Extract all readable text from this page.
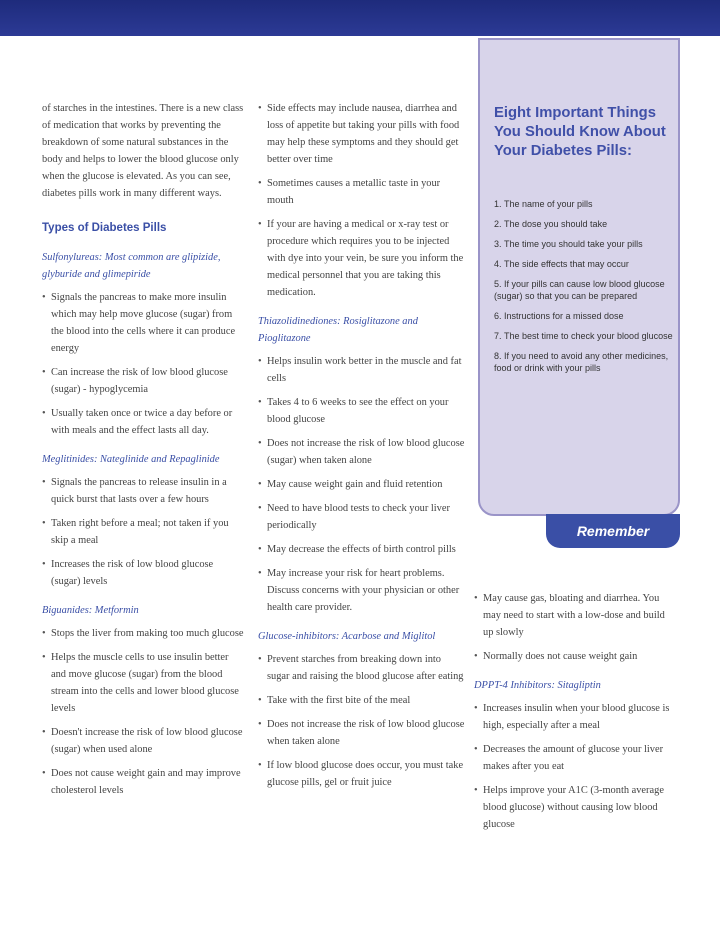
of starches in the intestines. There is a new class of medication that works by preventing the breakdown of some natural substances in the body and helps to lower the blood glucose only when the glucose is elevated. As you can see, diabetes pills work in many different ways.

Types of Diabetes Pills
Sulfonylureas: Most common are glipizide, glyburide and glimepiride
• Signals the pancreas to make more insulin which may help move glucose (sugar) from the blood into the cells where it can produce energy
• Can increase the risk of low blood glucose (sugar) - hypoglycemia
• Usually taken once or twice a day before or with meals and the effect lasts all day.
Meglitinides: Nateglinide and Repaglinide
• Signals the pancreas to release insulin in a quick burst that lasts over a few hours
• Taken right before a meal; not taken if you skip a meal
• Increases the risk of low blood glucose (sugar) levels
Biguanides: Metformin
• Stops the liver from making too much glucose
• Helps the muscle cells to use insulin better and move glucose (sugar) from the blood stream into the cells and lower blood glucose levels
• Doesn't increase the risk of low blood glucose (sugar) when used alone
• Does not cause weight gain and may improve cholesterol levels
• Side effects may include nausea, diarrhea and loss of appetite but taking your pills with food may help these symptoms and they should get better over time
• Sometimes causes a metallic taste in your mouth
• If your are having a medical or x-ray test or procedure which requires you to be injected with dye into your vein, be sure you inform the medical personnel that you are taking this medication.
Thiazolidinediones: Rosiglitazone and Pioglitazone
• Helps insulin work better in the muscle and fat cells
• Takes 4 to 6 weeks to see the effect on your blood glucose
• Does not increase the risk of low blood glucose (sugar) when taken alone
• May cause weight gain and fluid retention
• Need to have blood tests to check your liver periodically
• May decrease the effects of birth control pills
• May increase your risk for heart problems. Discuss concerns with your physician or other health care provider.
Glucose-inhibitors: Acarbose and Miglitol
• Prevent starches from breaking down into sugar and raising the blood glucose after eating
• Take with the first bite of the meal
• Does not increase the risk of low blood glucose when taken alone
• If low blood glucose does occur, you must take glucose pills, gel or fruit juice
• May cause gas, bloating and diarrhea. You may need to start with a low-dose and build up slowly
• Normally does not cause weight gain
DPPT-4 Inhibitors: Sitagliptin
• Increases insulin when your blood glucose is high, especially after a meal
• Decreases the amount of glucose your liver makes after you eat
• Helps improve your A1C (3-month average blood glucose) without causing low blood glucose
Eight Important Things You Should Know About Your Diabetes Pills:
1. The name of your pills
2. The dose you should take
3. The time you should take your pills
4. The side effects that may occur
5. If your pills can cause low blood glucose (sugar) so that you can be prepared
6. Instructions for a missed dose
7. The best time to check your blood glucose
8. If you need to avoid any other medicines, food or drink with your pills
Remember
